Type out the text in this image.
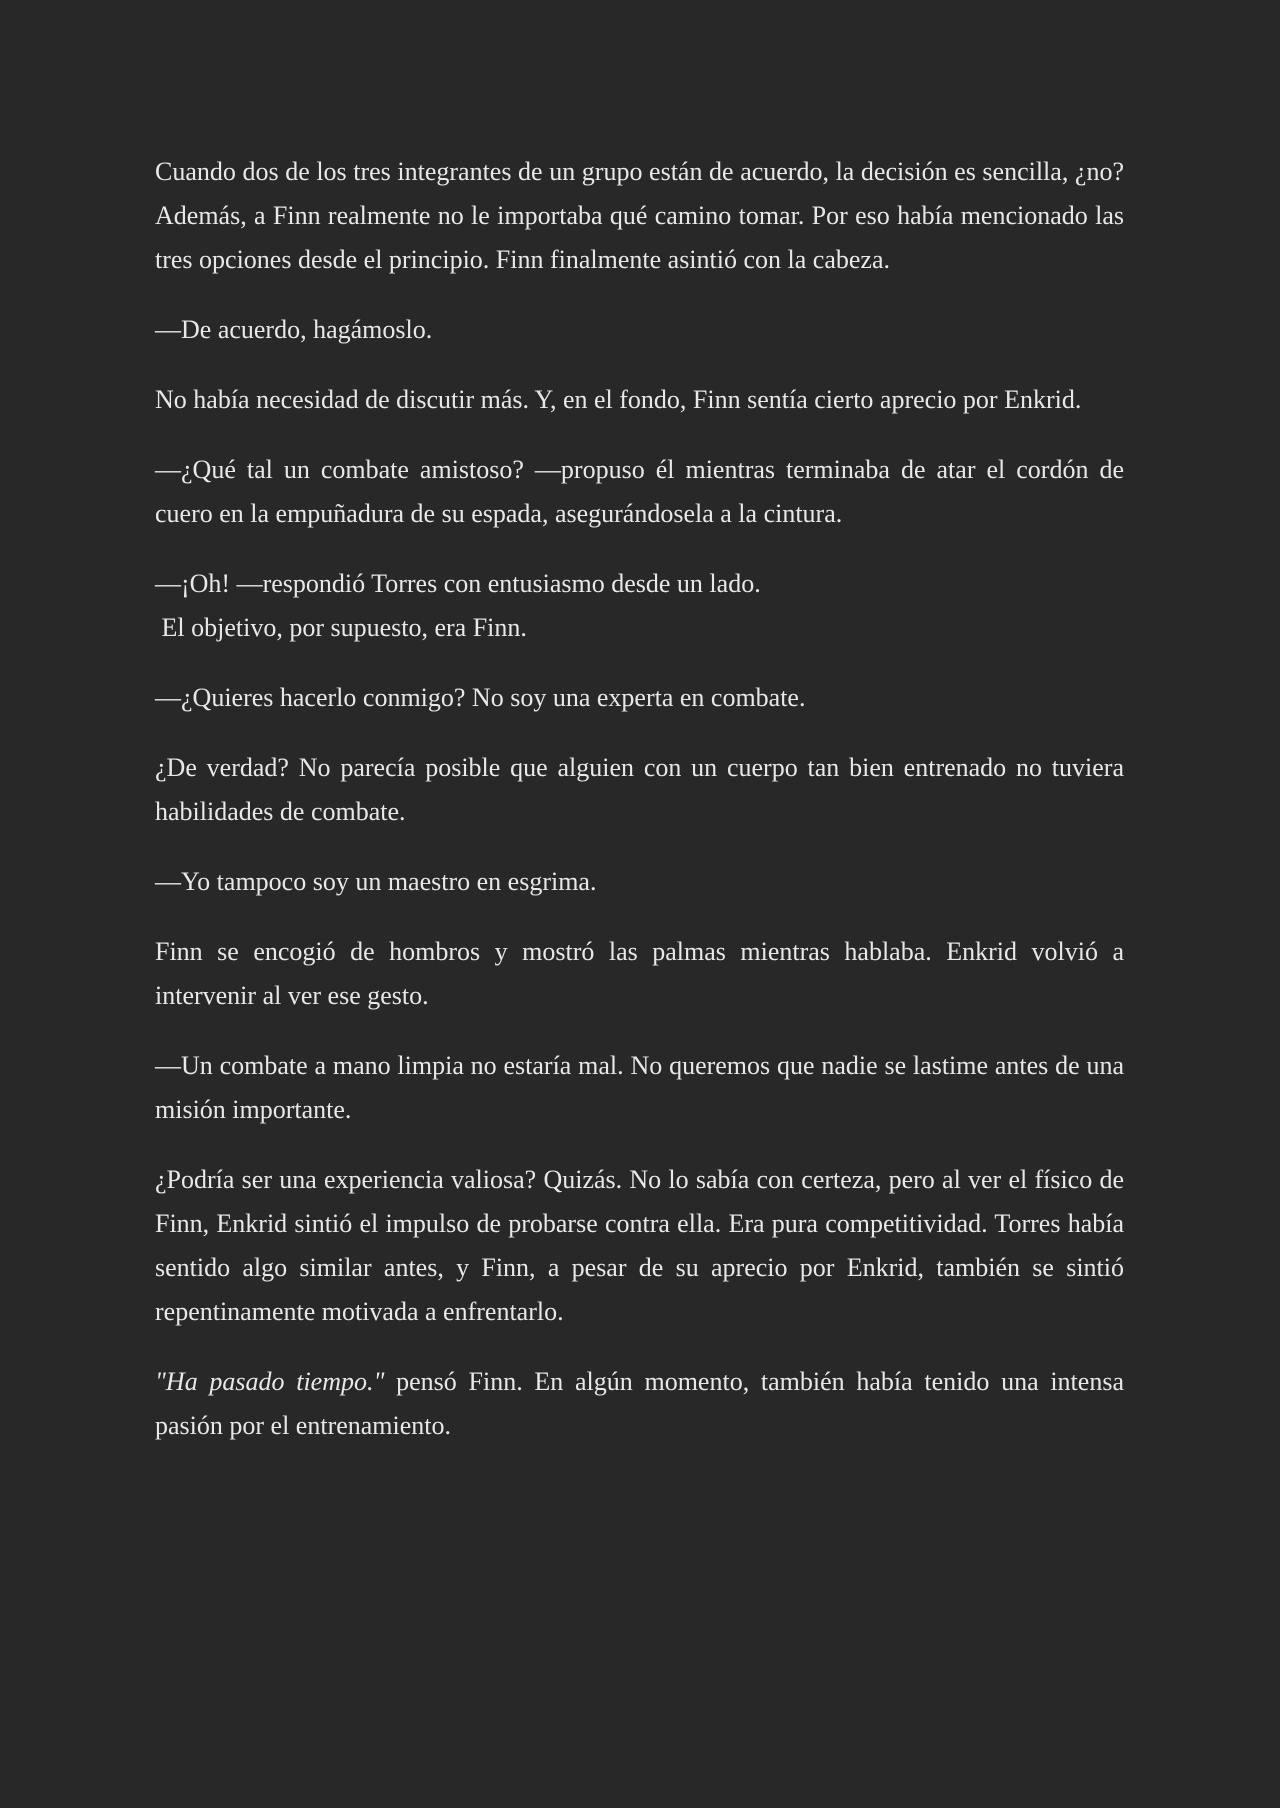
Cuando dos de los tres integrantes de un grupo están de acuerdo, la decisión es sencilla, ¿no? Además, a Finn realmente no le importaba qué camino tomar. Por eso había mencionado las tres opciones desde el principio. Finn finalmente asintió con la cabeza.

—De acuerdo, hagámoslo.

No había necesidad de discutir más. Y, en el fondo, Finn sentía cierto aprecio por Enkrid.

—¿Qué tal un combate amistoso? —propuso él mientras terminaba de atar el cordón de cuero en la empuñadura de su espada, asegurándosela a la cintura.

—¡Oh! —respondió Torres con entusiasmo desde un lado.
El objetivo, por supuesto, era Finn.

—¿Quieres hacerlo conmigo? No soy una experta en combate.

¿De verdad? No parecía posible que alguien con un cuerpo tan bien entrenado no tuviera habilidades de combate.

—Yo tampoco soy un maestro en esgrima.

Finn se encogió de hombros y mostró las palmas mientras hablaba. Enkrid volvió a intervenir al ver ese gesto.

—Un combate a mano limpia no estaría mal. No queremos que nadie se lastime antes de una misión importante.

¿Podría ser una experiencia valiosa? Quizás. No lo sabía con certeza, pero al ver el físico de Finn, Enkrid sintió el impulso de probarse contra ella. Era pura competitividad. Torres había sentido algo similar antes, y Finn, a pesar de su aprecio por Enkrid, también se sintió repentinamente motivada a enfrentarlo.

"Ha pasado tiempo." pensó Finn. En algún momento, también había tenido una intensa pasión por el entrenamiento.
